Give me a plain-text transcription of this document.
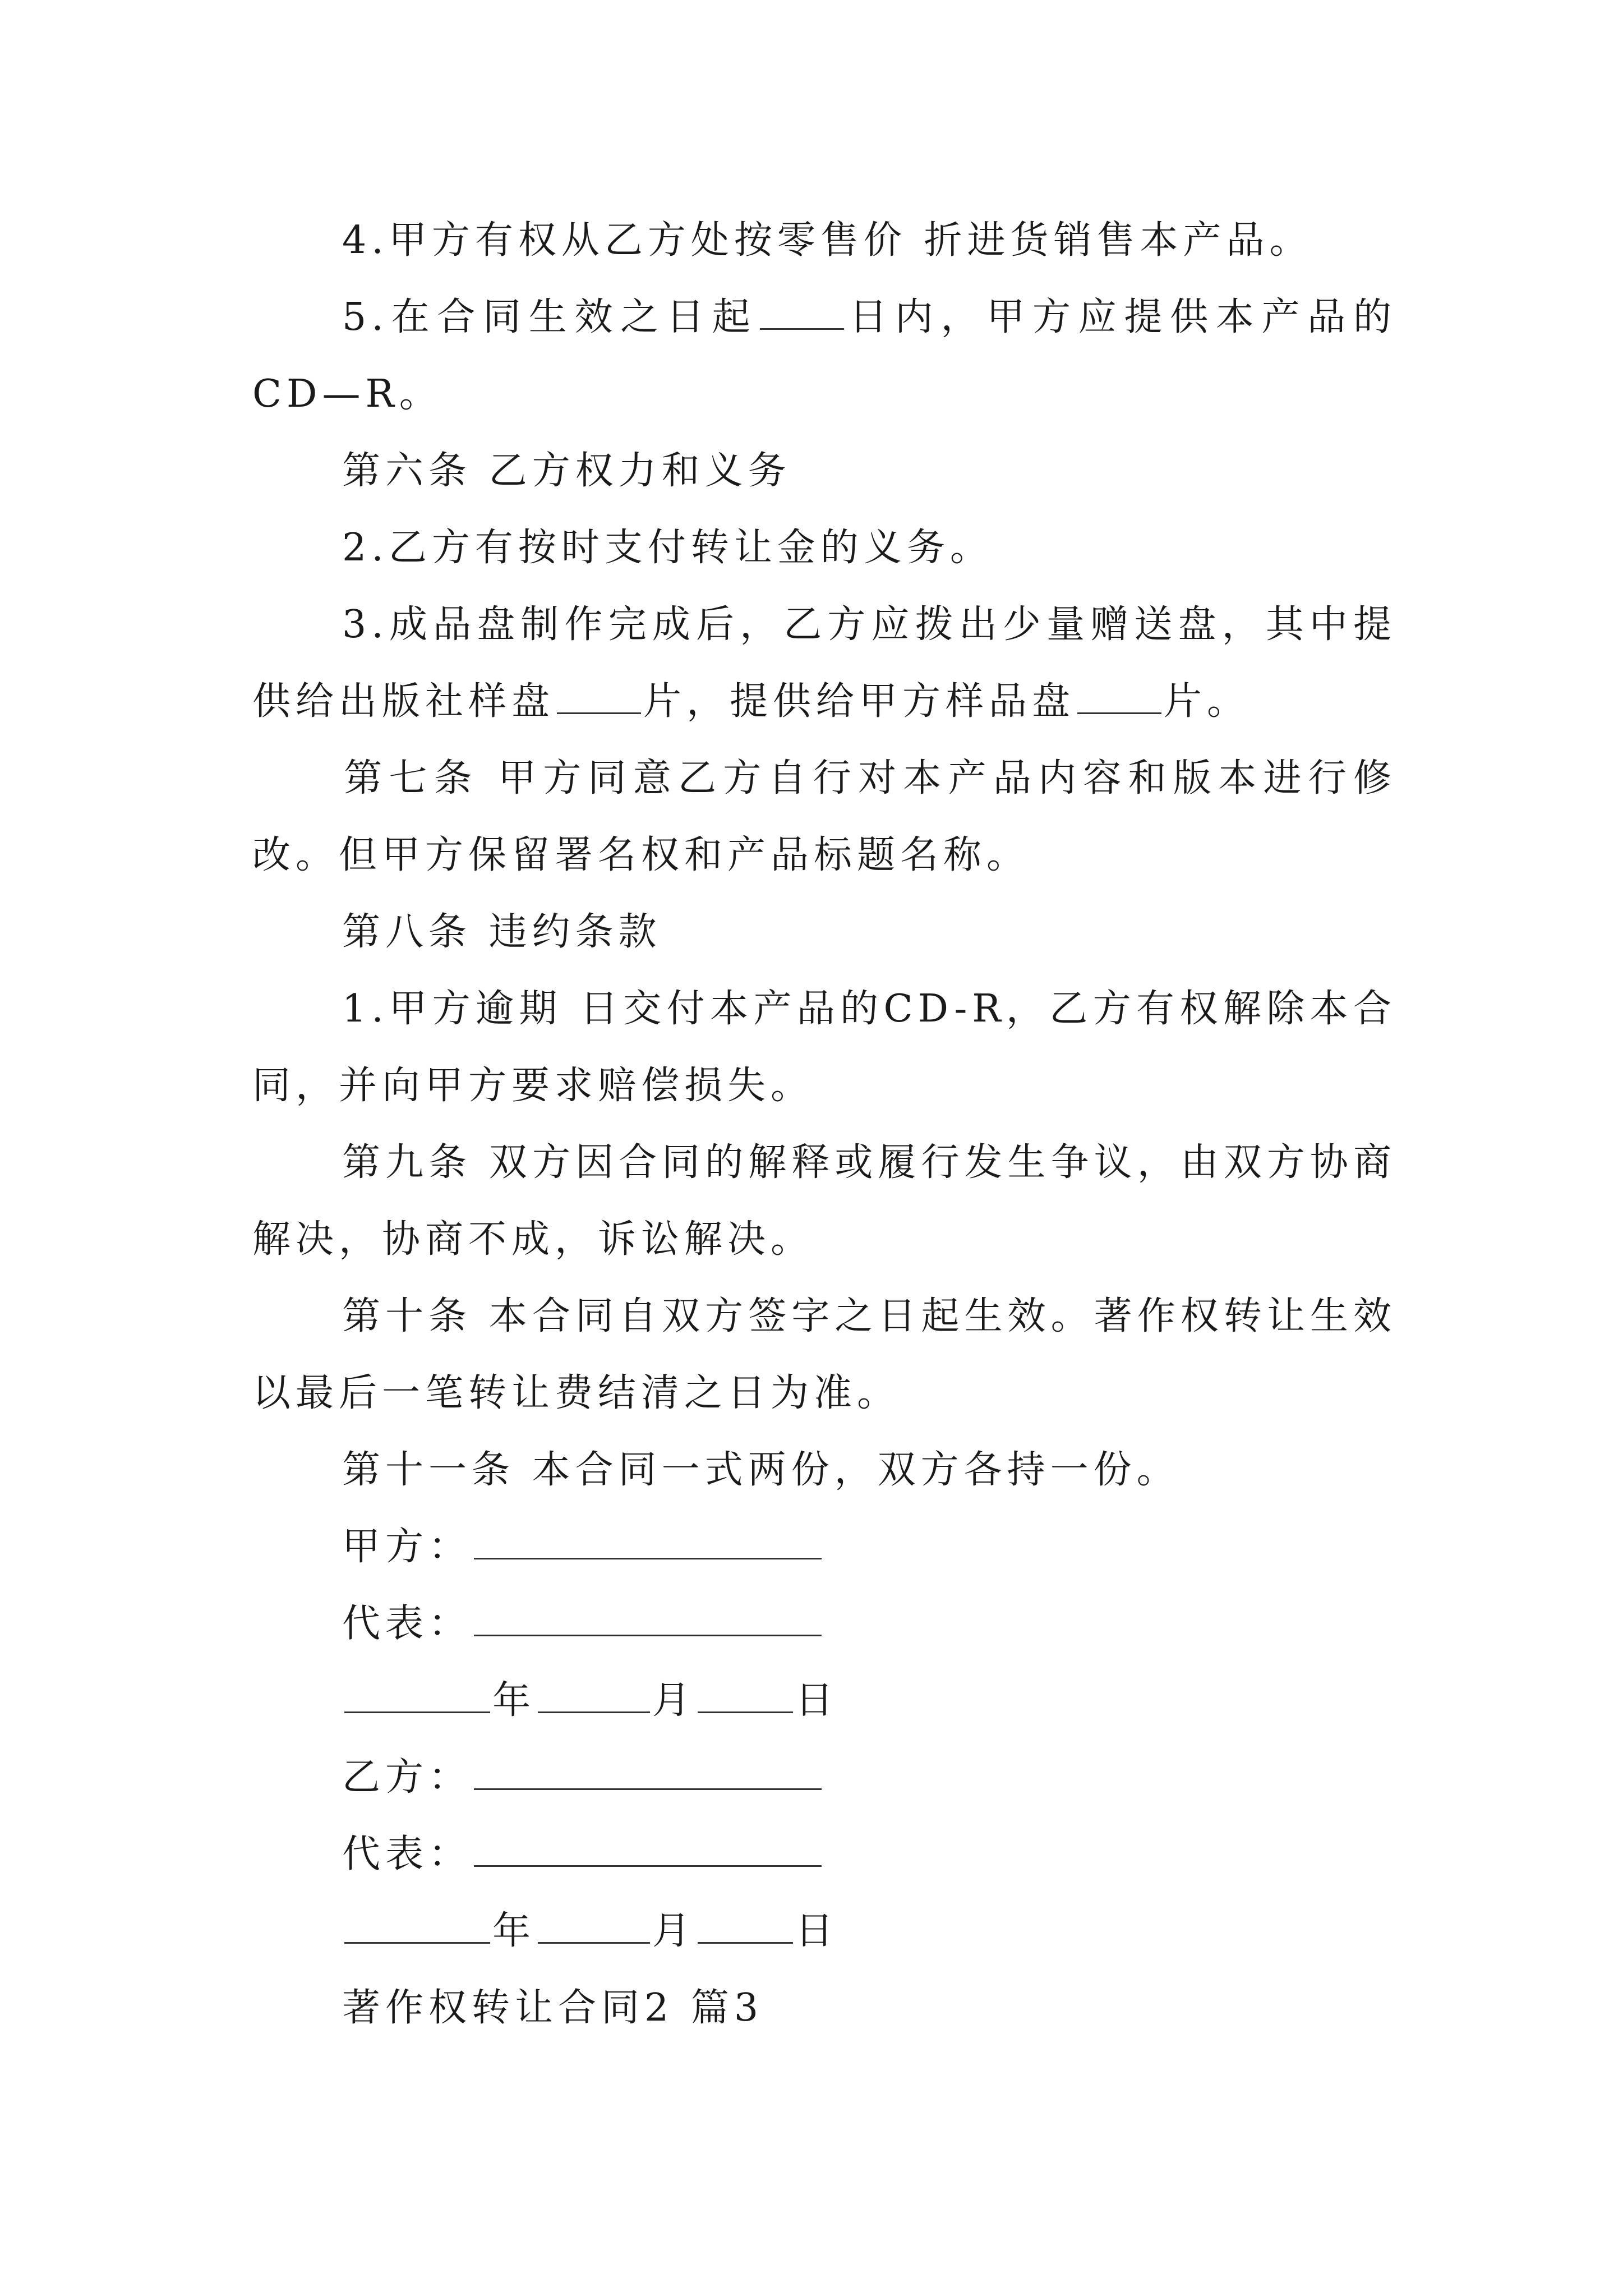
4.甲方有权从乙方处按零售价 折进货销售本产品。

5.在合同生效之日起 日内，甲方应提供本产品的CD—R。

第六条 乙方权力和义务

2.乙方有按时支付转让金的义务。

3.成品盘制作完成后，乙方应拨出少量赠送盘，其中提供给出版社样盘 片，提供给甲方样品盘 片。

第七条 甲方同意乙方自行对本产品内容和版本进行修改。但甲方保留署名权和产品标题名称。

第八条 违约条款

1.甲方逾期 日交付本产品的CD-R，乙方有权解除本合同，并向甲方要求赔偿损失。

第九条 双方因合同的解释或履行发生争议，由双方协商解决，协商不成，诉讼解决。

第十条 本合同自双方签字之日起生效。著作权转让生效以最后一笔转让费结清之日为准。

第十一条 本合同一式两份，双方各持一份。

甲方：

代表：

年	月	日

乙方：

代表：

年	月	日

著作权转让合同2 篇3
